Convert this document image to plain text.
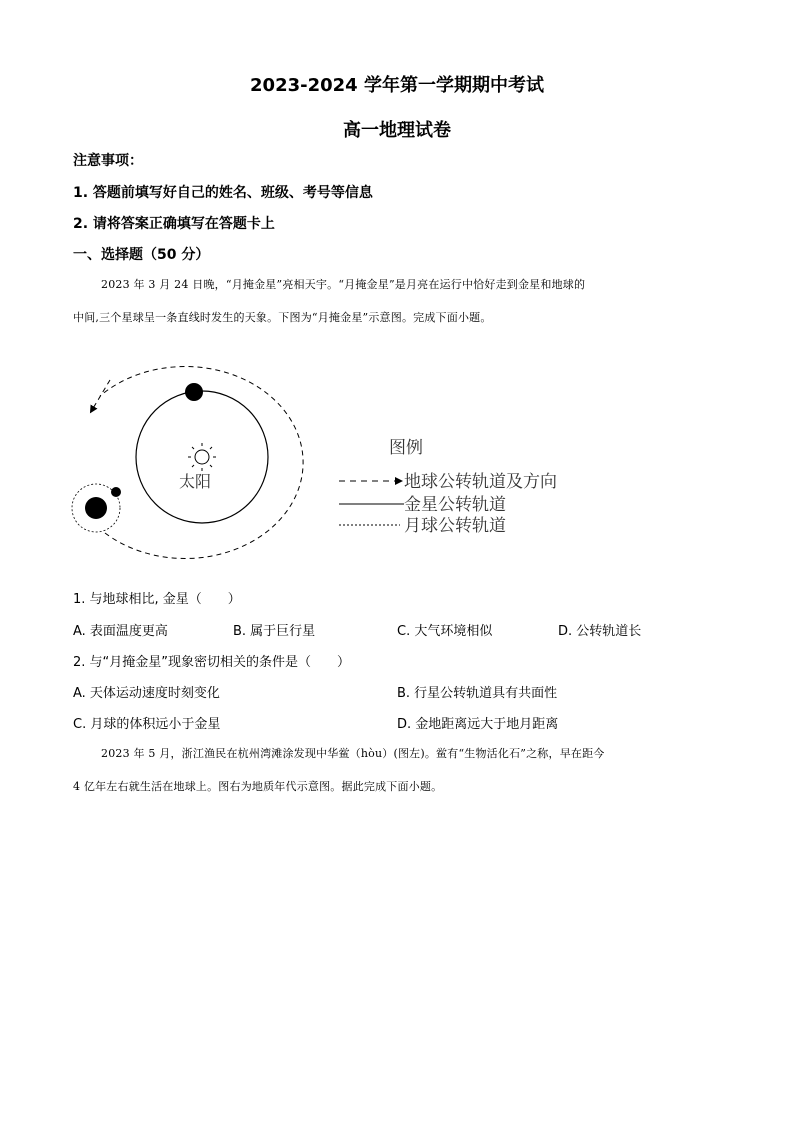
2023-2024 学年第一学期期中考试
高一地理试卷
注意事项：
1. 答题前填写好自己的姓名、班级、考号等信息
2. 请将答案正确填写在答题卡上
一、选择题（50 分）
2023 年 3 月 24 日晚，“月掩金星”亮相天宇。“月掩金星”是月亮在运行中恰好走到金星和地球的
中间,三个星球呈一条直线时发生的天象。下图为“月掩金星”示意图。完成下面小题。
太阳
图例
地球公转轨道及方向
金星公转轨道
月球公转轨道
1. 与地球相比, 金星（　　）
A. 表面温度更高	B. 属于巨行星	C. 大气环境相似	D. 公转轨道长
2. 与“月掩金星”现象密切相关的条件是（　　）
A. 天体运动速度时刻变化	B. 行星公转轨道具有共面性
C. 月球的体积远小于金星	D. 金地距离远大于地月距离
2023 年 5 月，浙江渔民在杭州湾滩涂发现中华鲎（hòu）(图左)。鲎有“生物活化石”之称，早在距今
4 亿年左右就生活在地球上。图右为地质年代示意图。据此完成下面小题。
